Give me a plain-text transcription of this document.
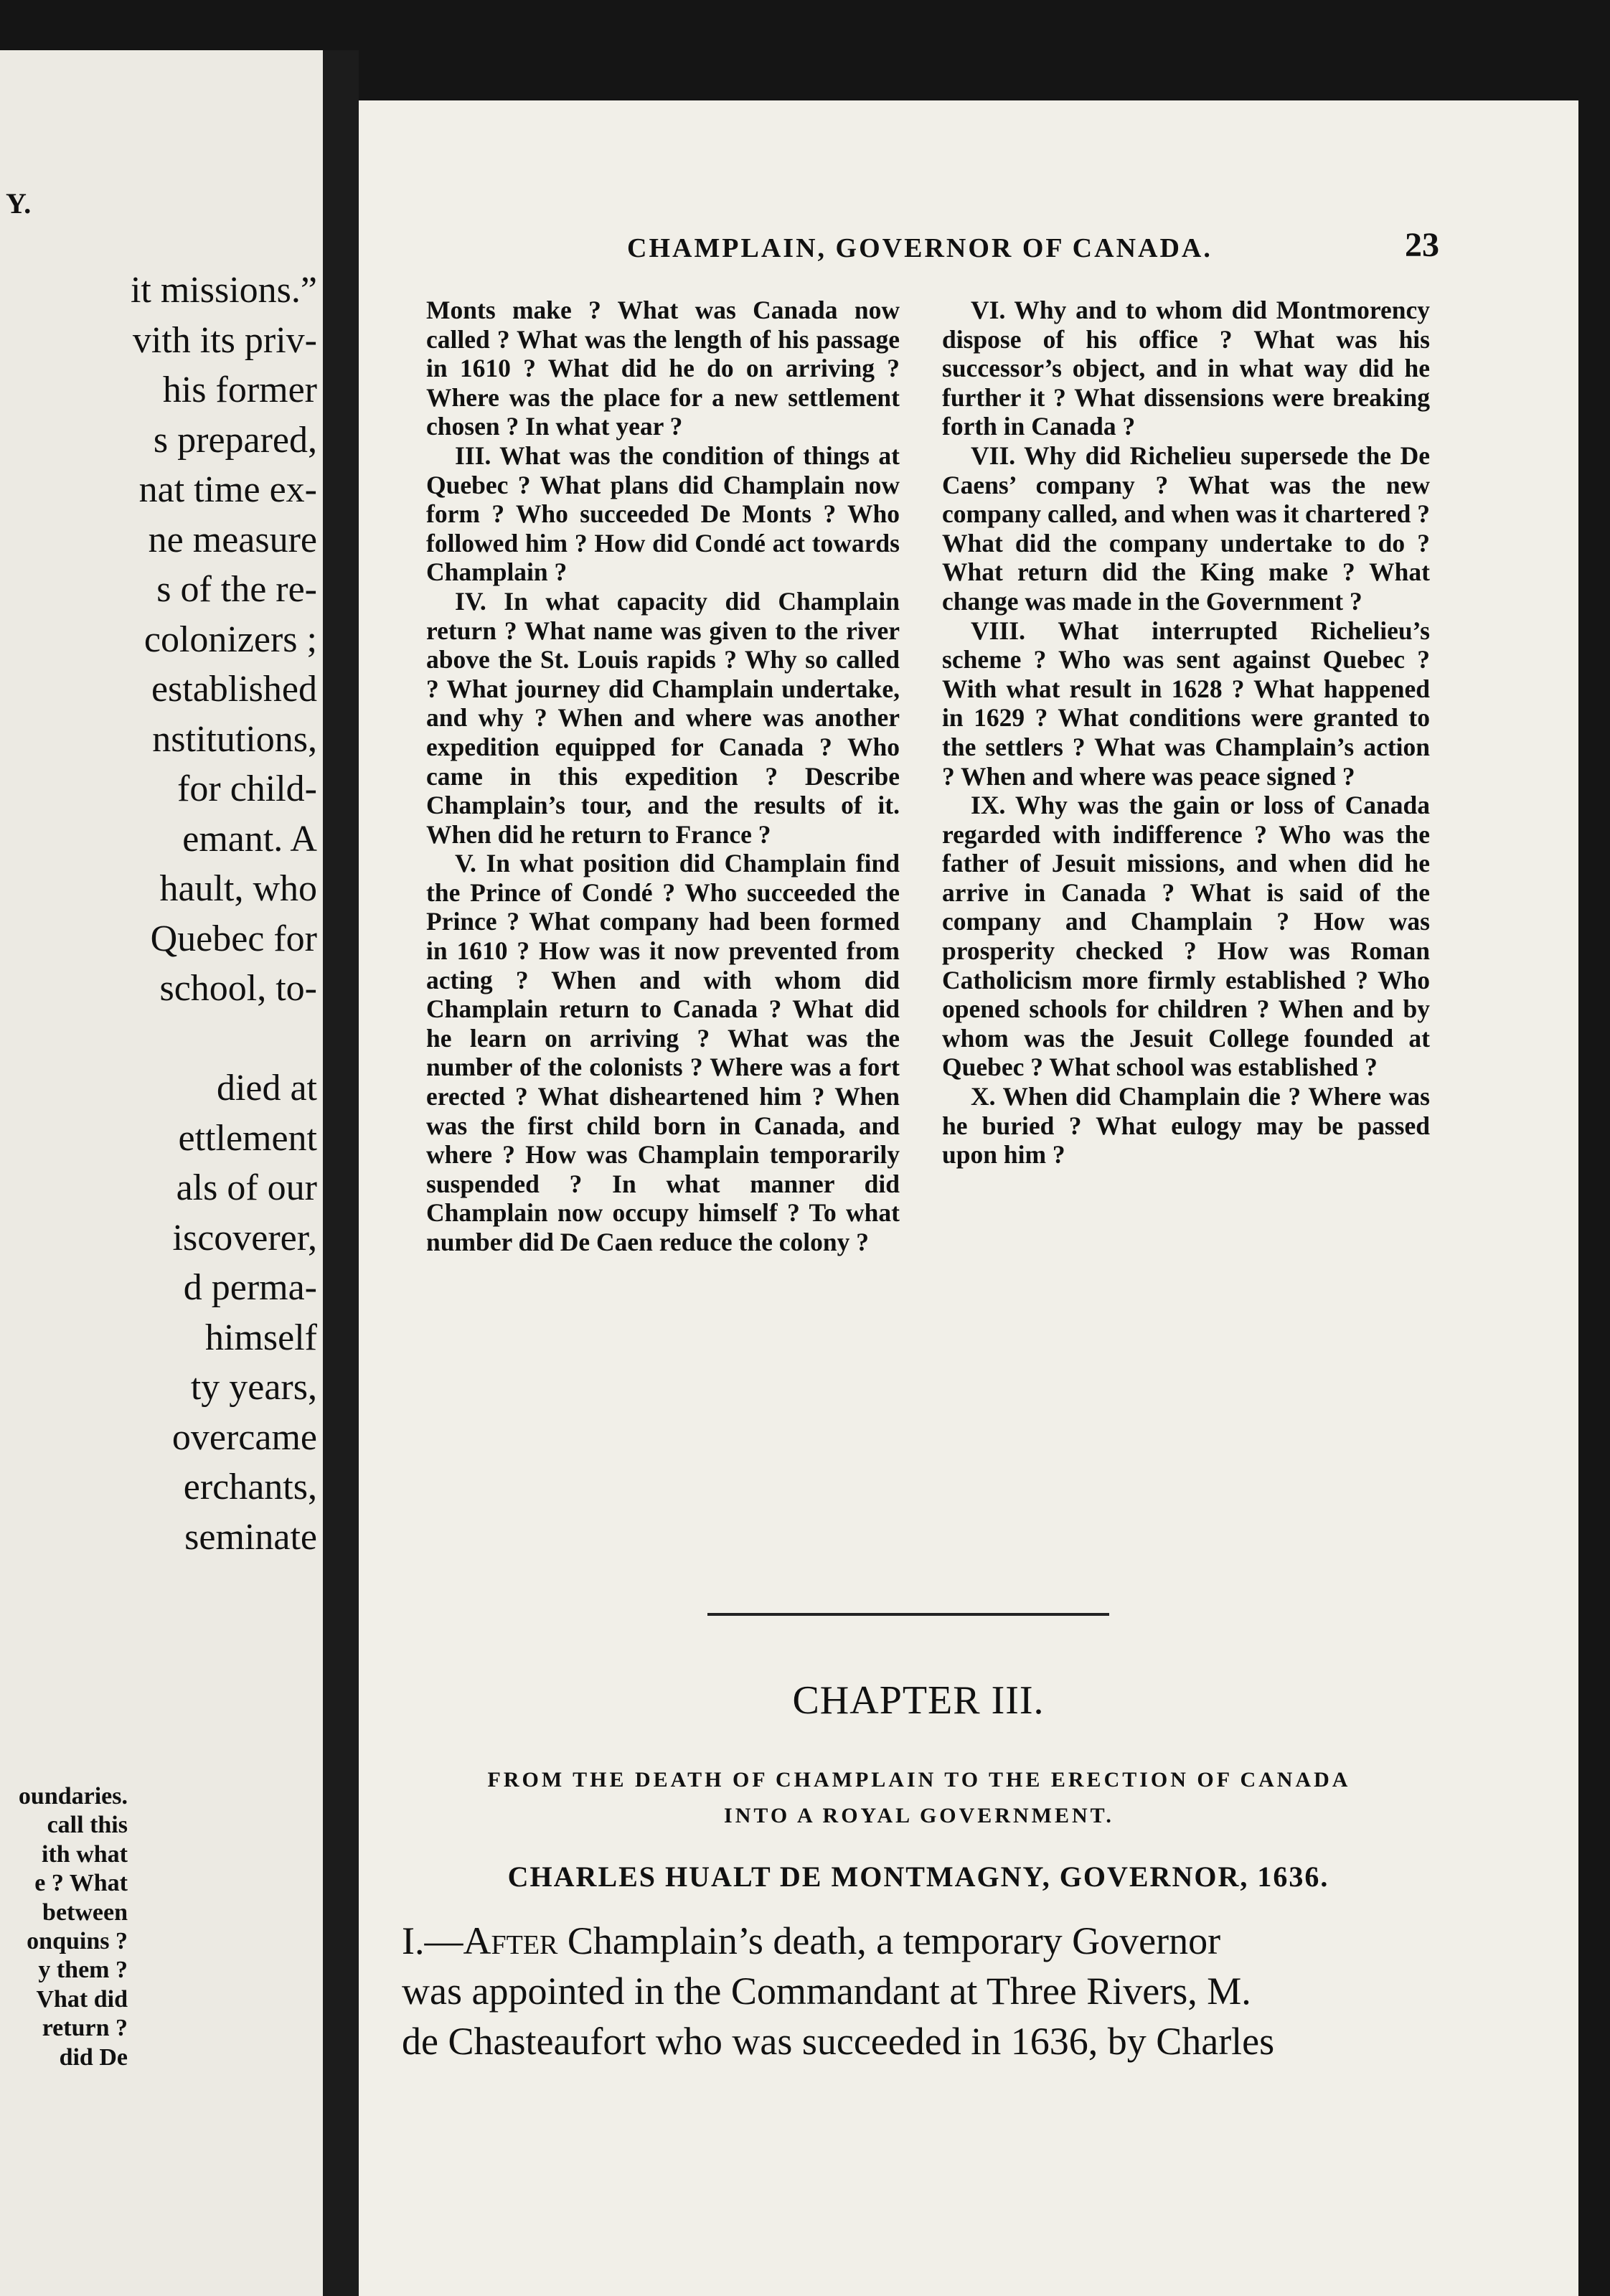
Y.
it missions.”
vith its priv-
his former
s prepared,
nat time ex-
ne measure
s of the re-
colonizers ;
established
nstitutions,
for child-
emant. A
hault, who
Quebec for
school, to-

died at
ettlement
als of our
iscoverer,
d perma-
himself
ty years,
overcame
erchants,
seminate
oundaries.
call this
ith what
e ? What
between
onquins ?
y them ?
Vhat did
return ?
did De
CHAMPLAIN, GOVERNOR OF CANADA.	23

Monts make ? What was Canada now called ? What was the length of his passage in 1610 ? What did he do on arriving ? Where was the place for a new settlement chosen ? In what year ?

III. What was the condition of things at Quebec ? What plans did Champlain now form ? Who succeeded De Monts ? Who followed him ? How did Condé act towards Champlain ?

IV. In what capacity did Champlain return ? What name was given to the river above the St. Louis rapids ? Why so called ? What journey did Champlain undertake, and why ? When and where was another expedition equipped for Canada ? Who came in this expedition ? Describe Champlain’s tour, and the results of it. When did he return to France ?

V. In what position did Champlain find the Prince of Condé ? Who succeeded the Prince ? What company had been formed in 1610 ? How was it now prevented from acting ? When and with whom did Champlain return to Canada ? What did he learn on arriving ? What was the number of the colonists ? Where was a fort erected ? What disheartened him ? When was the first child born in Canada, and where ? How was Champlain temporarily suspended ? In what manner did Champlain now occupy himself ? To what number did De Caen reduce the colony ?

VI. Why and to whom did Montmorency dispose of his office ? What was his successor’s object, and in what way did he further it ? What dissensions were breaking forth in Canada ?

VII. Why did Richelieu supersede the De Caens’ company ? What was the new company called, and when was it chartered ? What did the company undertake to do ? What return did the King make ? What change was made in the Government ?

VIII. What interrupted Richelieu’s scheme ? Who was sent against Quebec ? With what result in 1628 ? What happened in 1629 ? What conditions were granted to the settlers ? What was Champlain’s action ? When and where was peace signed ?

IX. Why was the gain or loss of Canada regarded with indifference ? Who was the father of Jesuit missions, and when did he arrive in Canada ? What is said of the company and Champlain ? How was prosperity checked ? How was Roman Catholicism more firmly established ? Who opened schools for children ? When and by whom was the Jesuit College founded at Quebec ? What school was established ?

X. When did Champlain die ? Where was he buried ? What eulogy may be passed upon him ?

CHAPTER III.
FROM THE DEATH OF CHAMPLAIN TO THE ERECTION OF CANADA
INTO A ROYAL GOVERNMENT.
CHARLES HUALT DE MONTMAGNY, GOVERNOR, 1636.
I.—After Champlain’s death, a temporary Governor
was appointed in the Commandant at Three Rivers, M.
de Chasteaufort who was succeeded in 1636, by Charles
